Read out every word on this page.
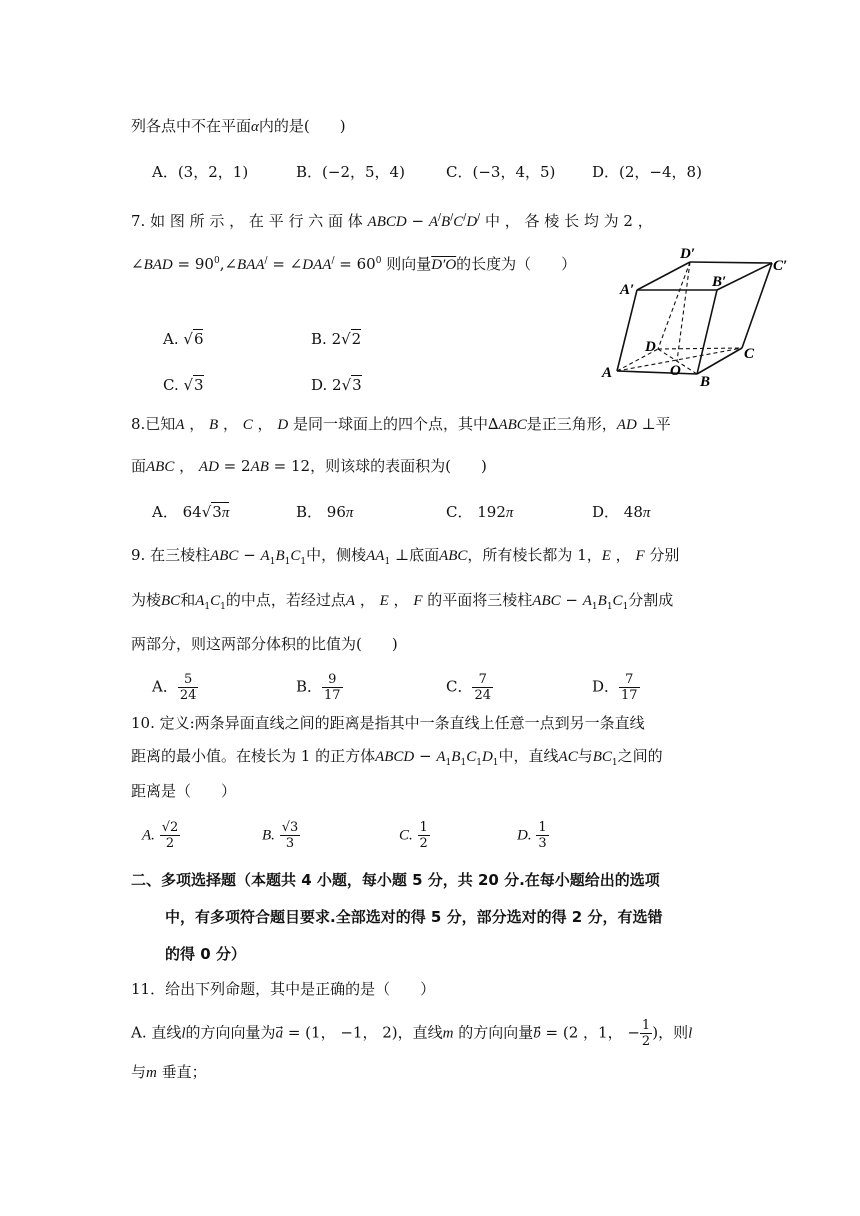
列各点中不在平面α内的是(　　)
A．(3，2，1)	B．(−2，5，4)	C．(−3，4，5) D．(2，−4，8)
7. 如 图 所 示 ， 在 平 行 六 面 体 ABCD − A/B/C/D/ 中 ， 各 棱 长 均 为 2 ，
∠BAD = $90^0,\angle BAA^/$ = ∠DAA/ = $60^0$ 则向量D′O的长度为（　　）
A. √6	B. 2√2
C. √3	D. 2√3
D′
C′
A′	B′
D	C
A	O
B
8.已知A ， B ， C ， D 是同一球面上的四个点，其中∆ABC是正三角形，AD ⊥平
面ABC ， AD = 2AB = 12，则该球的表面积为(　　)
A． 64√3π	B． 96π	C． 192π	D． 48π
9. 在三棱柱ABC − $A_1B_1C_1$中，侧棱$AA_1$ ⊥底面ABC，所有棱长都为 1，E ， F 分别
为棱BC和$A_1C_1$的中点，若经过点A ， E ， F 的平面将三棱柱ABC − $A_1B_1C_1$分割成
两部分，则这两部分体积的比值为(　　)
A． $\frac{5}{24}$	B． $\frac{9}{17}$	C． $\frac{7}{24}$	D． $\frac{7}{17}$
10. 定义:两条异面直线之间的距离是指其中一条直线上任意一点到另一条直线
距离的最小值。在棱长为 1 的正方体ABCD − $A_1B_1C_1D_1$中，直线AC与$BC_1$之间的
距离是（　　）
A. $\frac{√2}{2}$	B. $\frac{√3}{3}$	C. $\frac{1}{2}$	D. $\frac{1}{3}$
二、多项选择题（本题共 4 小题，每小题 5 分，共 20 分.在每小题给出的选项
中，有多项符合题目要求.全部选对的得 5 分，部分选对的得 2 分，有选错
的得 0 分）
11．给出下列命题，其中是正确的是（　　）
A. 直线l的方向向量为a⃗ = (1， −1， 2)，直线m 的方向向量b⃗ = (2 ，1， − $\frac{1}{2}$ )，则l
与m 垂直；
